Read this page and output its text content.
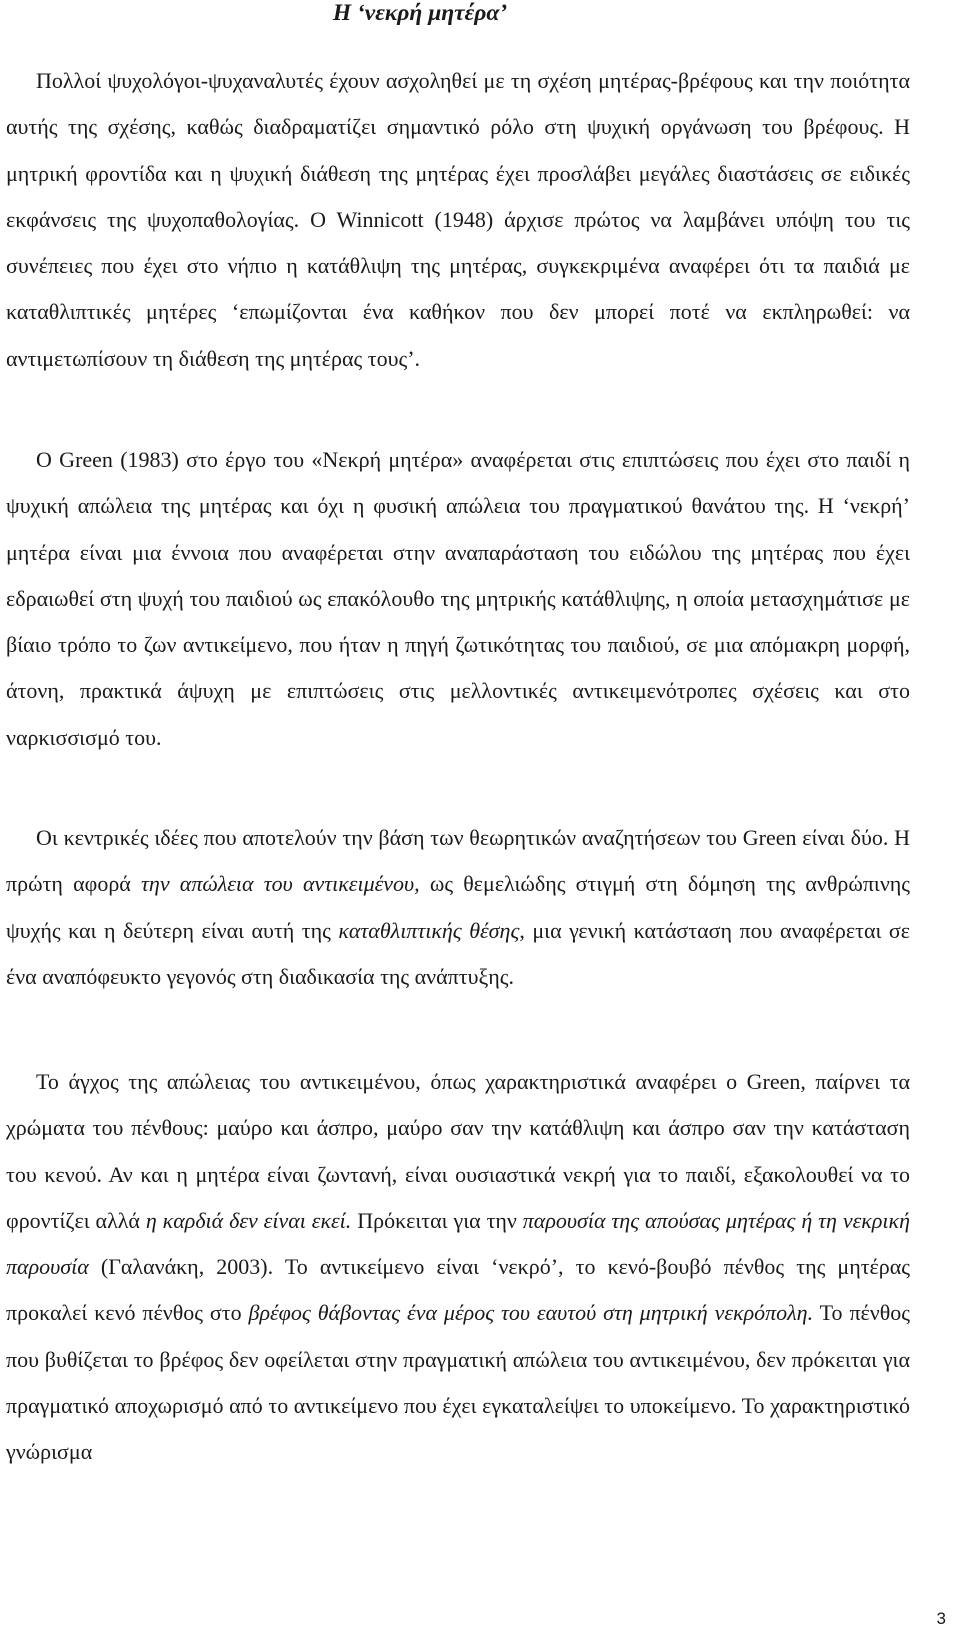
Η ‘νεκρή μητέρα’

Πολλοί ψυχολόγοι-ψυχαναλυτές έχουν ασχοληθεί με τη σχέση μητέρας-βρέφους και την ποιότητα αυτής της σχέσης, καθώς διαδραματίζει σημαντικό ρόλο στη ψυχική οργάνωση του βρέφους. Η μητρική φροντίδα και η ψυχική διάθεση της μητέρας έχει προσλάβει μεγάλες διαστάσεις σε ειδικές εκφάνσεις της ψυχοπαθολογίας. O Winnicott (1948) άρχισε πρώτος να λαμβάνει υπόψη του τις συνέπειες που έχει στο νήπιο η κατάθλιψη της μητέρας, συγκεκριμένα αναφέρει ότι τα παιδιά με καταθλιπτικές μητέρες ‘επωμίζονται ένα καθήκον που δεν μπορεί ποτέ να εκπληρωθεί: να αντιμετωπίσουν τη διάθεση της μητέρας τους’.

Ο Green (1983) στο έργο του «Νεκρή μητέρα» αναφέρεται στις επιπτώσεις που έχει στο παιδί η ψυχική απώλεια της μητέρας και όχι η φυσική απώλεια του πραγματικού θανάτου της. Η ‘νεκρή’ μητέρα είναι μια έννοια που αναφέρεται στην αναπαράσταση του ειδώλου της μητέρας που έχει εδραιωθεί στη ψυχή του παιδιού ως επακόλουθο της μητρικής κατάθλιψης, η οποία μετασχημάτισε με βίαιο τρόπο το ζων αντικείμενο, που ήταν η πηγή ζωτικότητας του παιδιού, σε μια απόμακρη μορφή, άτονη, πρακτικά άψυχη με επιπτώσεις στις μελλοντικές αντικειμενότροπες σχέσεις και στο ναρκισσισμό του.

Οι κεντρικές ιδέες που αποτελούν την βάση των θεωρητικών αναζητήσεων του Green είναι δύο. Η πρώτη αφορά την απώλεια του αντικειμένου, ως θεμελιώδης στιγμή στη δόμηση της ανθρώπινης ψυχής και η δεύτερη είναι αυτή της καταθλιπτικής θέσης, μια γενική κατάσταση που αναφέρεται σε ένα αναπόφευκτο γεγονός στη διαδικασία της ανάπτυξης.

Το άγχος της απώλειας του αντικειμένου, όπως χαρακτηριστικά αναφέρει ο Green, παίρνει τα χρώματα του πένθους: μαύρο και άσπρο, μαύρο σαν την κατάθλιψη και άσπρο σαν την κατάσταση του κενού. Αν και η μητέρα είναι ζωντανή, είναι ουσιαστικά νεκρή για το παιδί, εξακολουθεί να το φροντίζει αλλά η καρδιά δεν είναι εκεί. Πρόκειται για την παρουσία της απούσας μητέρας ή τη νεκρική παρουσία (Γαλανάκη, 2003). Το αντικείμενο είναι ‘νεκρό’, το κενό-βουβό πένθος της μητέρας προκαλεί κενό πένθος στο βρέφος θάβοντας ένα μέρος του εαυτού στη μητρική νεκρόπολη. Το πένθος που βυθίζεται το βρέφος δεν οφείλεται στην πραγματική απώλεια του αντικειμένου, δεν πρόκειται για πραγματικό αποχωρισμό από το αντικείμενο που έχει εγκαταλείψει το υποκείμενο. Το χαρακτηριστικό γνώρισμα

3
